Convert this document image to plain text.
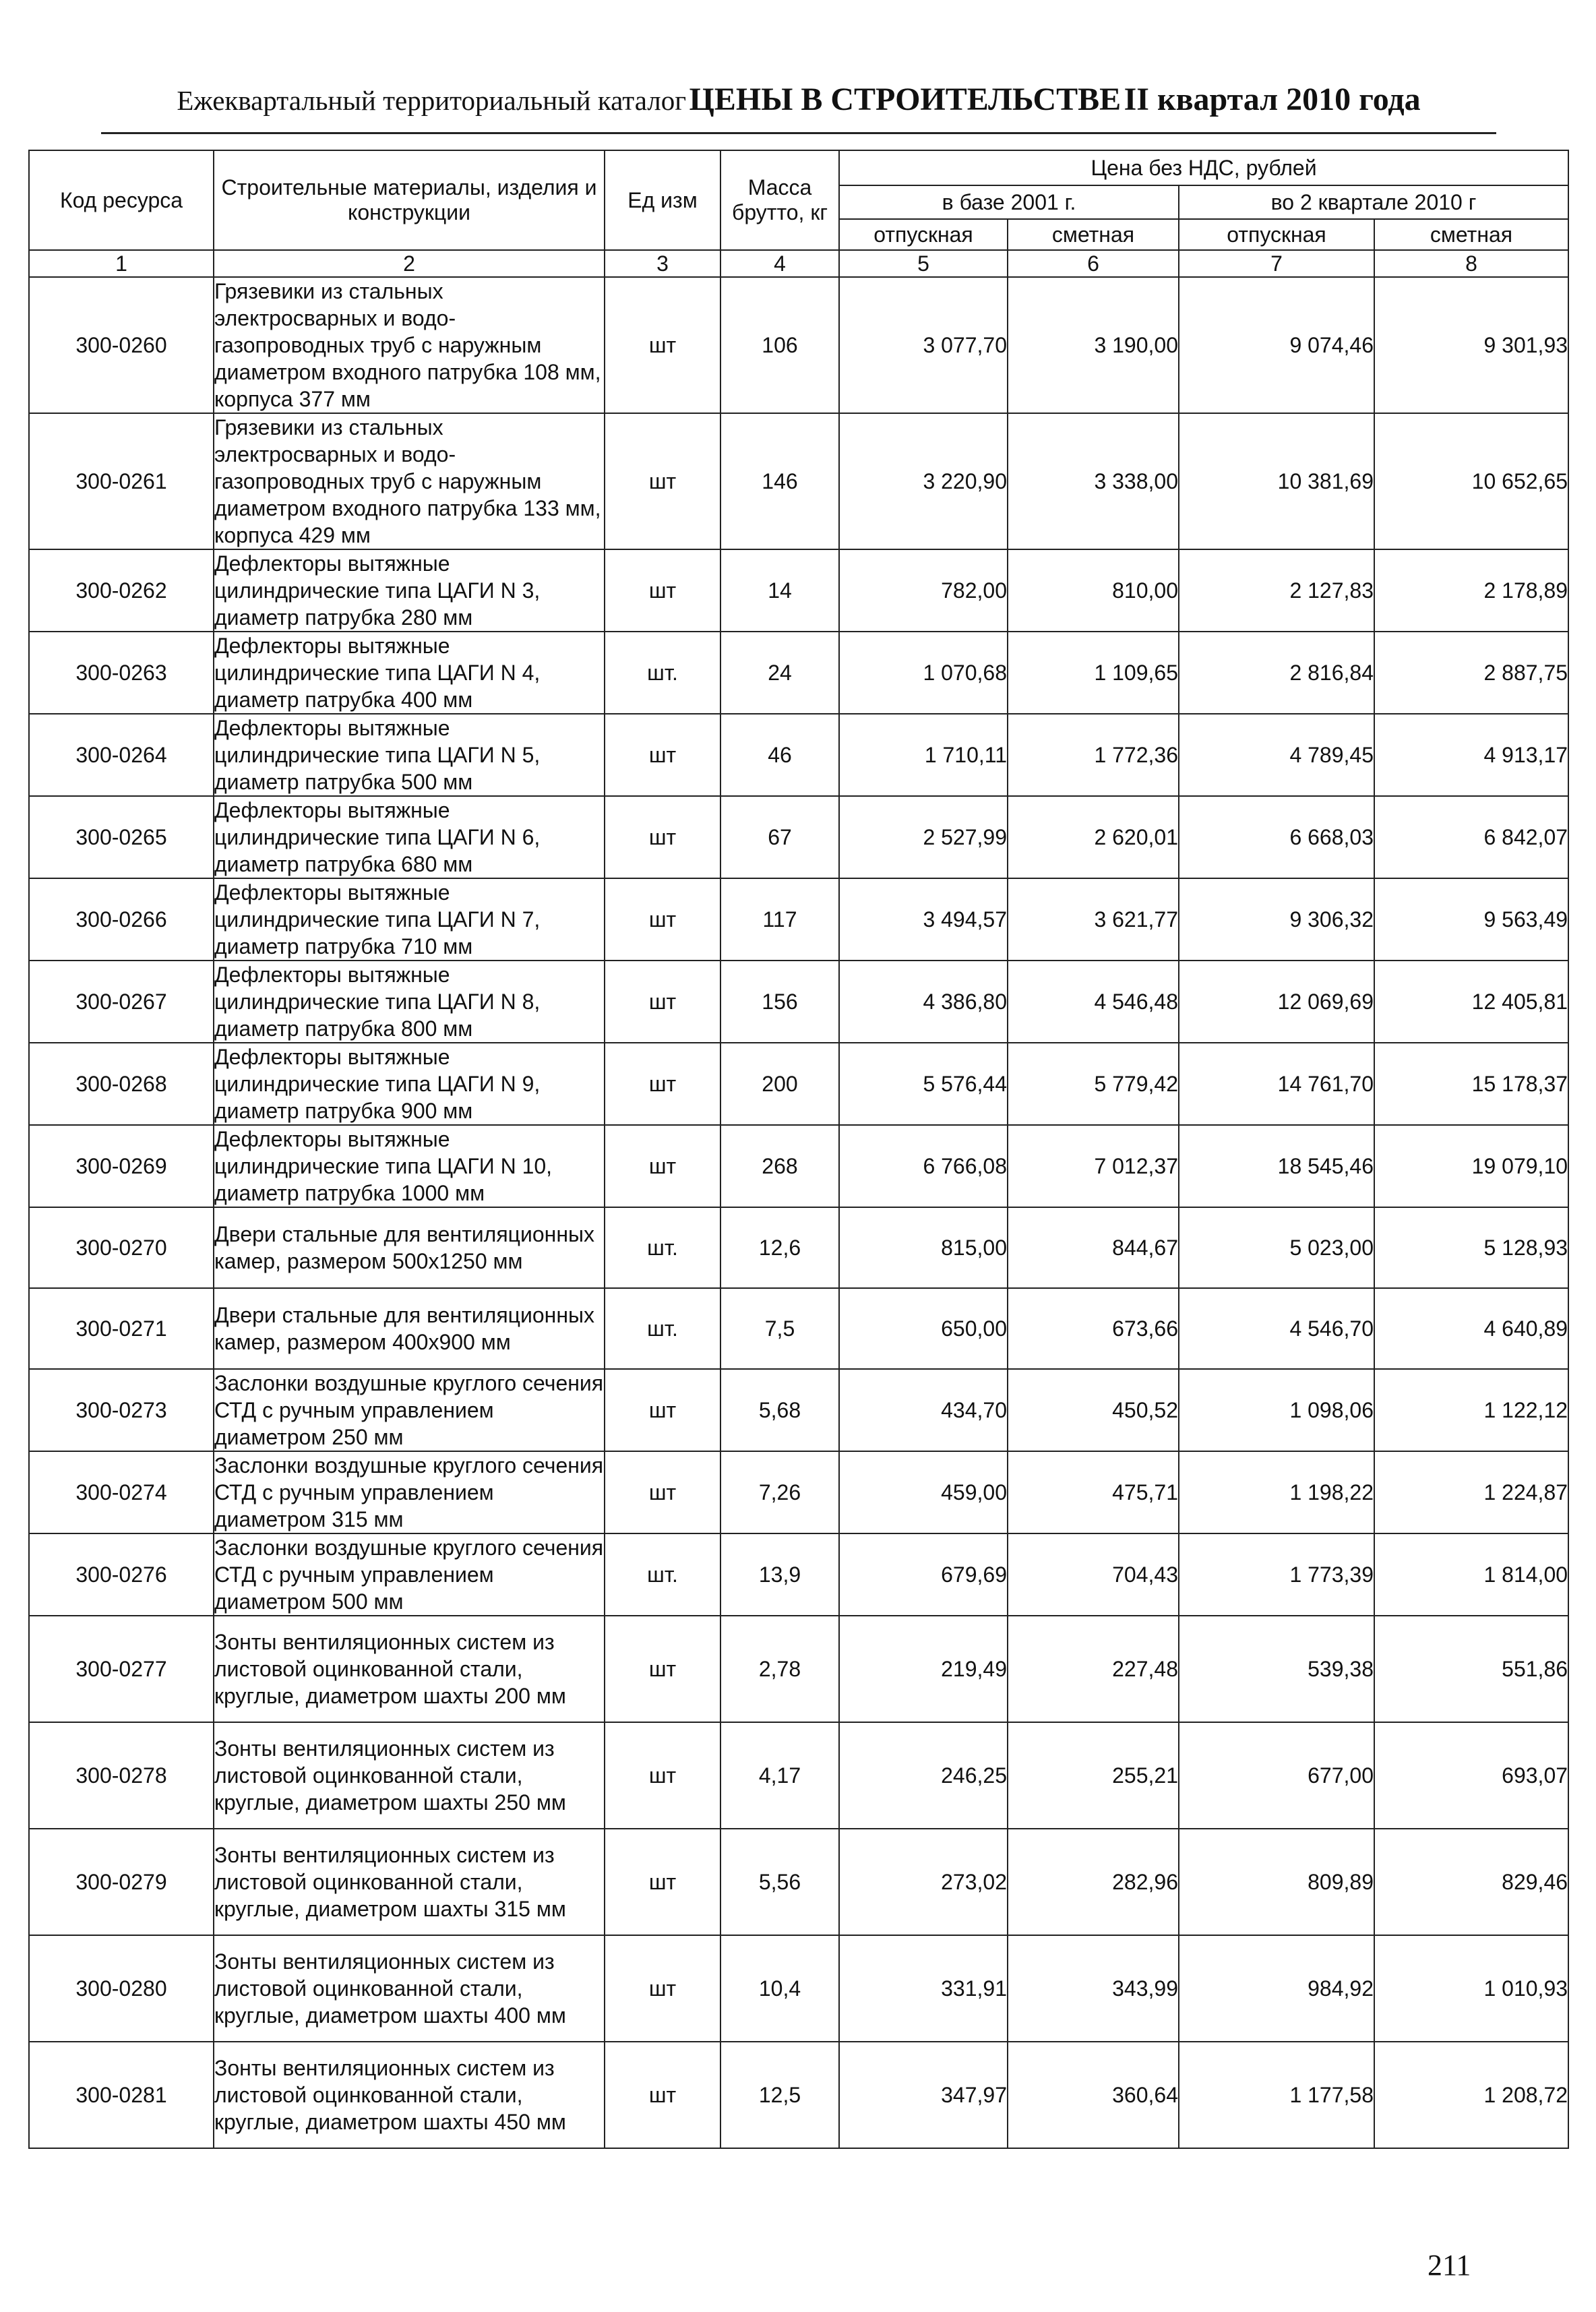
Ежеквартальный территориальный каталог ЦЕНЫ В СТРОИТЕЛЬСТВЕ II квартал 2010 года
Код ресурса	Строительные материалы, изделия и конструкции	Ед изм	Масса брутто, кг	Цена без НДС, рублей			
				в базе 2001 г.		во 2 квартале 2010 г	
				отпускная	сметная	отпускная	сметная
1	2	3	4	5	6	7	8
300-0260	Грязевики из стальных электросварных и водо-газопроводных труб с наружным диаметром входного патрубка 108 мм, корпуса 377 мм	шт	106	3 077,70	3 190,00	9 074,46	9 301,93
300-0261	Грязевики из стальных электросварных и водо-газопроводных труб с наружным диаметром входного патрубка 133 мм, корпуса 429 мм	шт	146	3 220,90	3 338,00	10 381,69	10 652,65
300-0262	Дефлекторы вытяжные цилиндрические типа ЦАГИ N 3, диаметр патрубка 280 мм	шт	14	782,00	810,00	2 127,83	2 178,89
300-0263	Дефлекторы вытяжные цилиндрические типа ЦАГИ N 4, диаметр патрубка 400 мм	шт.	24	1 070,68	1 109,65	2 816,84	2 887,75
300-0264	Дефлекторы вытяжные цилиндрические типа ЦАГИ N 5, диаметр патрубка 500 мм	шт	46	1 710,11	1 772,36	4 789,45	4 913,17
300-0265	Дефлекторы вытяжные цилиндрические типа ЦАГИ N 6, диаметр патрубка 680 мм	шт	67	2 527,99	2 620,01	6 668,03	6 842,07
300-0266	Дефлекторы вытяжные цилиндрические типа ЦАГИ N 7, диаметр патрубка 710 мм	шт	117	3 494,57	3 621,77	9 306,32	9 563,49
300-0267	Дефлекторы вытяжные цилиндрические типа ЦАГИ N 8, диаметр патрубка 800 мм	шт	156	4 386,80	4 546,48	12 069,69	12 405,81
300-0268	Дефлекторы вытяжные цилиндрические типа ЦАГИ N 9, диаметр патрубка 900 мм	шт	200	5 576,44	5 779,42	14 761,70	15 178,37
300-0269	Дефлекторы вытяжные цилиндрические типа ЦАГИ N 10, диаметр патрубка 1000 мм	шт	268	6 766,08	7 012,37	18 545,46	19 079,10
300-0270	Двери стальные для вентиляционных камер, размером 500х1250 мм	шт.	12,6	815,00	844,67	5 023,00	5 128,93
300-0271	Двери стальные для вентиляционных камер, размером 400х900 мм	шт.	7,5	650,00	673,66	4 546,70	4 640,89
300-0273	Заслонки воздушные круглого сечения СТД с ручным управлением диаметром 250 мм	шт	5,68	434,70	450,52	1 098,06	1 122,12
300-0274	Заслонки воздушные круглого сечения СТД с ручным управлением диаметром 315 мм	шт	7,26	459,00	475,71	1 198,22	1 224,87
300-0276	Заслонки воздушные круглого сечения СТД с ручным управлением диаметром 500 мм	шт.	13,9	679,69	704,43	1 773,39	1 814,00
300-0277	Зонты вентиляционных систем из листовой оцинкованной стали, круглые, диаметром шахты 200 мм	шт	2,78	219,49	227,48	539,38	551,86
300-0278	Зонты вентиляционных систем из листовой оцинкованной стали, круглые, диаметром шахты 250 мм	шт	4,17	246,25	255,21	677,00	693,07
300-0279	Зонты вентиляционных систем из листовой оцинкованной стали, круглые, диаметром шахты 315 мм	шт	5,56	273,02	282,96	809,89	829,46
300-0280	Зонты вентиляционных систем из листовой оцинкованной стали, круглые, диаметром шахты 400 мм	шт	10,4	331,91	343,99	984,92	1 010,93
300-0281	Зонты вентиляционных систем из листовой оцинкованной стали, круглые, диаметром шахты 450 мм	шт	12,5	347,97	360,64	1 177,58	1 208,72
211
